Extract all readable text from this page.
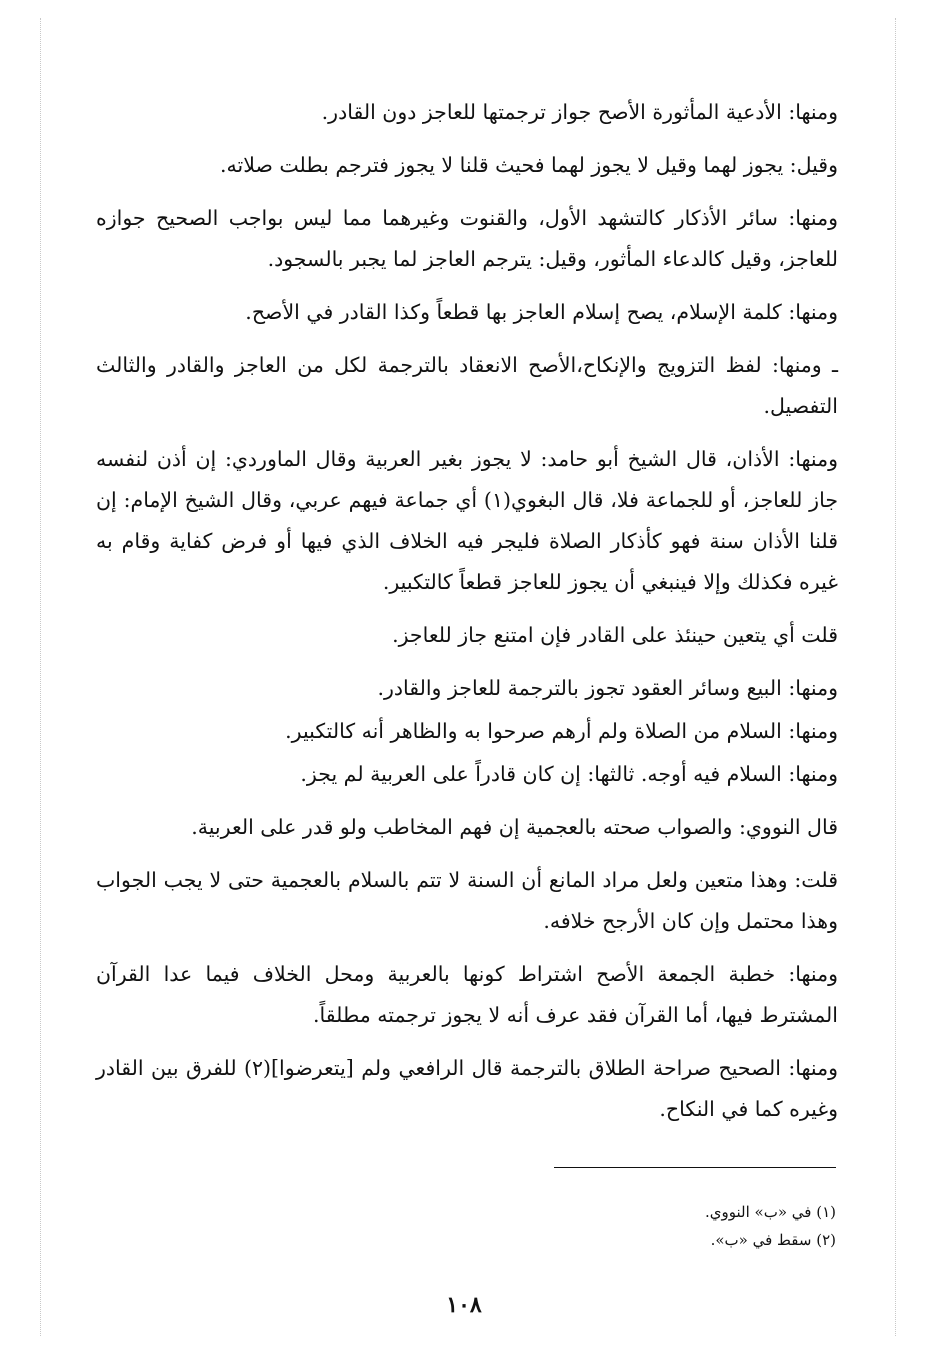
ومنها: الأدعية المأثورة الأصح جواز ترجمتها للعاجز دون القادر.

وقيل: يجوز لهما وقيل لا يجوز لهما فحيث قلنا لا يجوز فترجم بطلت صلاته.

ومنها: سائر الأذكار كالتشهد الأول، والقنوت وغيرهما مما ليس بواجب الصحيح جوازه للعاجز، وقيل كالدعاء المأثور، وقيل: يترجم العاجز لما يجبر بالسجود.

ومنها: كلمة الإسلام، يصح إسلام العاجز بها قطعاً وكذا القادر في الأصح.

ـ ومنها: لفظ التزويج والإنكاح،الأصح الانعقاد بالترجمة لكل من العاجز والقادر والثالث التفصيل.

ومنها: الأذان، قال الشيخ أبو حامد: لا يجوز بغير العربية وقال الماوردي: إن أذن لنفسه جاز للعاجز، أو للجماعة فلا، قال البغوي(١) أي جماعة فيهم عربي، وقال الشيخ الإمام: إن قلنا الأذان سنة فهو كأذكار الصلاة فليجر فيه الخلاف الذي فيها أو فرض كفاية وقام به غيره فكذلك وإلا فينبغي أن يجوز للعاجز قطعاً كالتكبير.

قلت أي يتعين حينئذ على القادر فإن امتنع جاز للعاجز.

ومنها: البيع وسائر العقود تجوز بالترجمة للعاجز والقادر.

ومنها: السلام من الصلاة ولم أرهم صرحوا به والظاهر أنه كالتكبير.

ومنها: السلام فيه أوجه. ثالثها: إن كان قادراً على العربية لم يجز.

قال النووي: والصواب صحته بالعجمية إن فهم المخاطب ولو قدر على العربية.

قلت: وهذا متعين ولعل مراد المانع أن السنة لا تتم بالسلام بالعجمية حتى لا يجب الجواب وهذا محتمل وإن كان الأرجح خلافه.

ومنها: خطبة الجمعة الأصح اشتراط كونها بالعربية ومحل الخلاف فيما عدا القرآن المشترط فيها، أما القرآن فقد عرف أنه لا يجوز ترجمته مطلقاً.

ومنها: الصحيح صراحة الطلاق بالترجمة قال الرافعي ولم [يتعرضوا](٢) للفرق بين القادر وغيره كما في النكاح.

(١) في «ب» النووي.
(٢) سقط في «ب».
١٠٨
